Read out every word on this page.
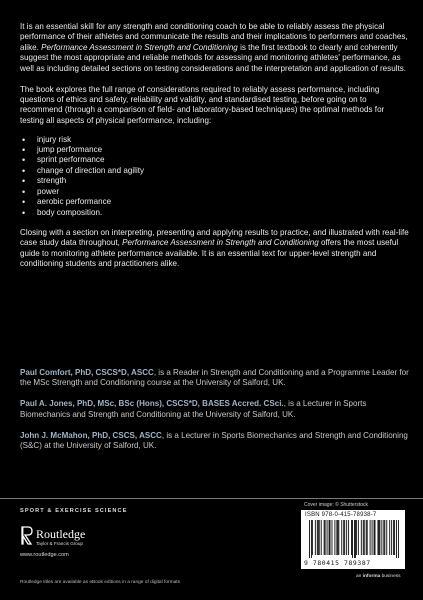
It is an essential skill for any strength and conditioning coach to be able to reliably assess the physical performance of their athletes and communicate the results and their implications to performers and coaches, alike. Performance Assessment in Strength and Conditioning is the first textbook to clearly and coherently suggest the most appropriate and reliable methods for assessing and monitoring athletes' performance, as well as including detailed sections on testing considerations and the interpretation and application of results.

The book explores the full range of considerations required to reliably assess performance, including questions of ethics and safety, reliability and validity, and standardised testing, before going on to recommend (through a comparison of field- and laboratory-based techniques) the optimal methods for testing all aspects of physical performance, including:

• injury risk
• jump performance
• sprint performance
• change of direction and agility
• strength
• power
• aerobic performance
• body composition.

Closing with a section on interpreting, presenting and applying results to practice, and illustrated with real-life case study data throughout, Performance Assessment in Strength and Conditioning offers the most useful guide to monitoring athlete performance available. It is an essential text for upper-level strength and conditioning students and practitioners alike.

Paul Comfort, PhD, CSCS*D, ASCC, is a Reader in Strength and Conditioning and a Programme Leader for the MSc Strength and Conditioning course at the University of Salford, UK.

Paul A. Jones, PhD, MSc, BSc (Hons), CSCS*D, BASES Accred. CSci., is a Lecturer in Sports Biomechanics and Strength and Conditioning at the University of Salford, UK.

John J. McMahon, PhD, CSCS, ASCC, is a Lecturer in Sports Biomechanics and Strength and Conditioning (S&C) at the University of Salford, UK.

SPORT & EXERCISE SCIENCE
Routledge
Taylor & Francis Group
www.routledge.com
Routledge titles are available as eBook editions in a range of digital formats
Cover image: © Shutterstock
ISBN 978-0-415-78938-7
9 780415 789387
an informa business
